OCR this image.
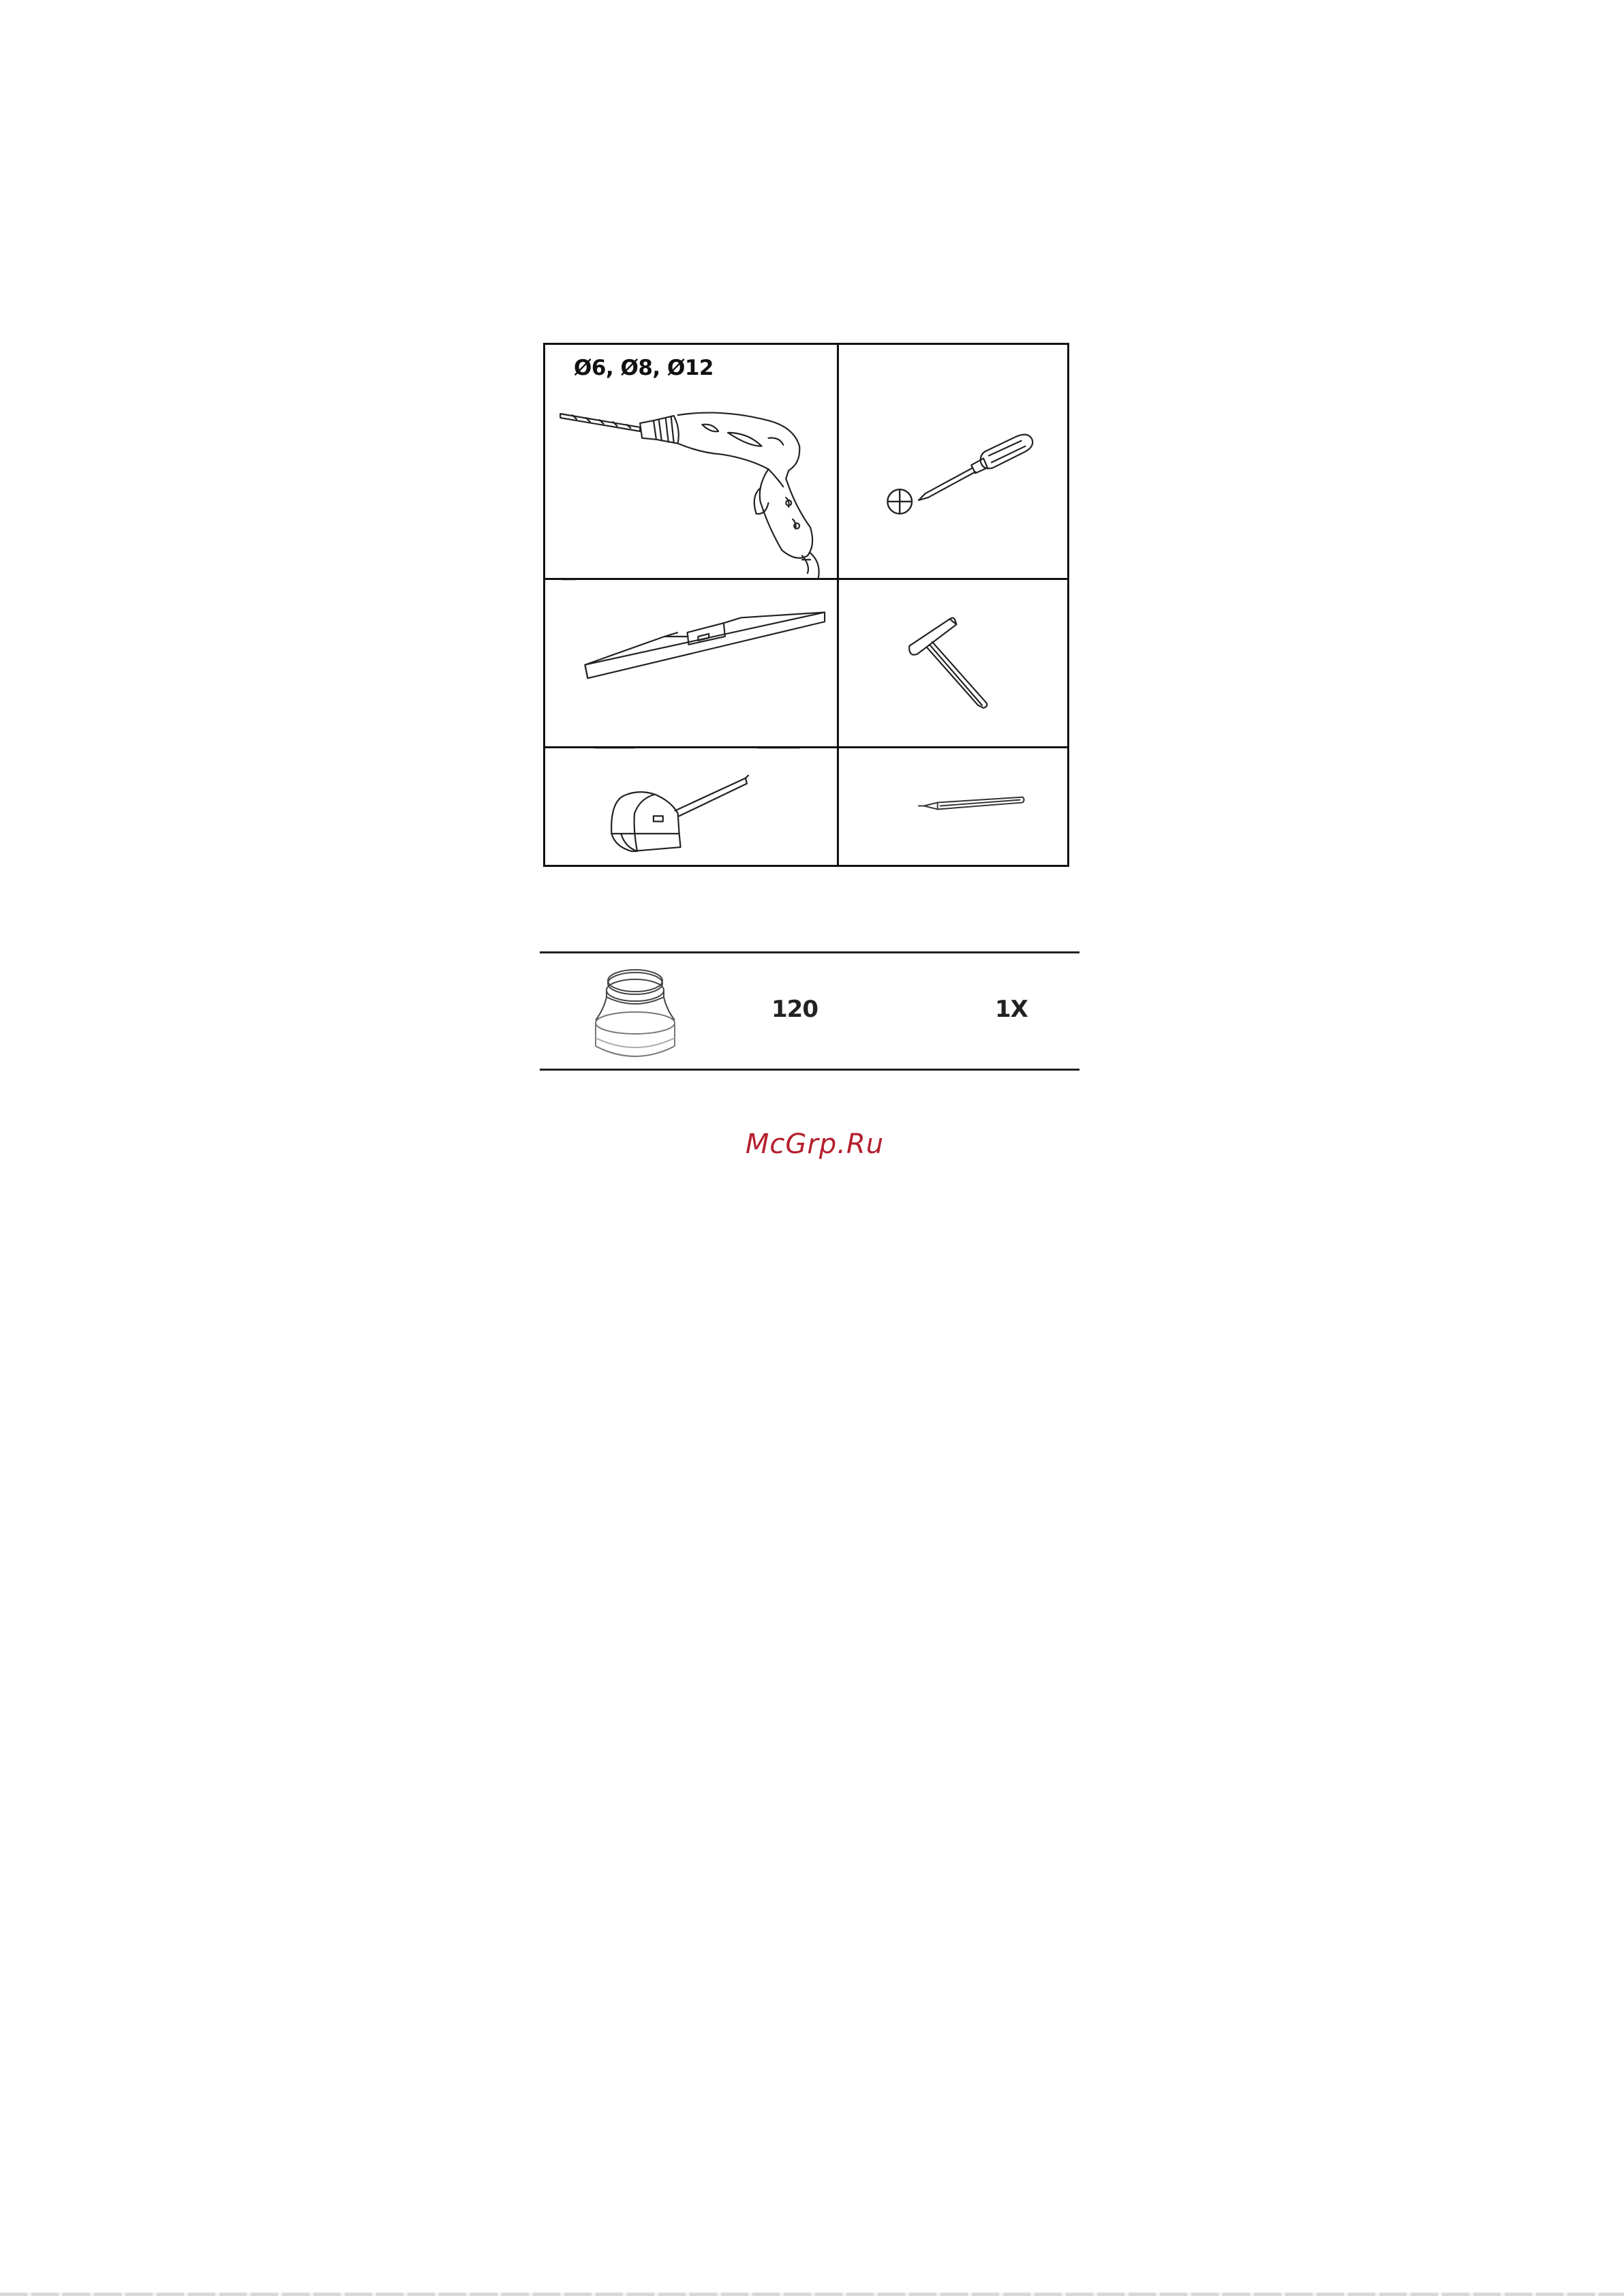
Ø6, Ø8, Ø12
120	1X
McGrp.Ru
